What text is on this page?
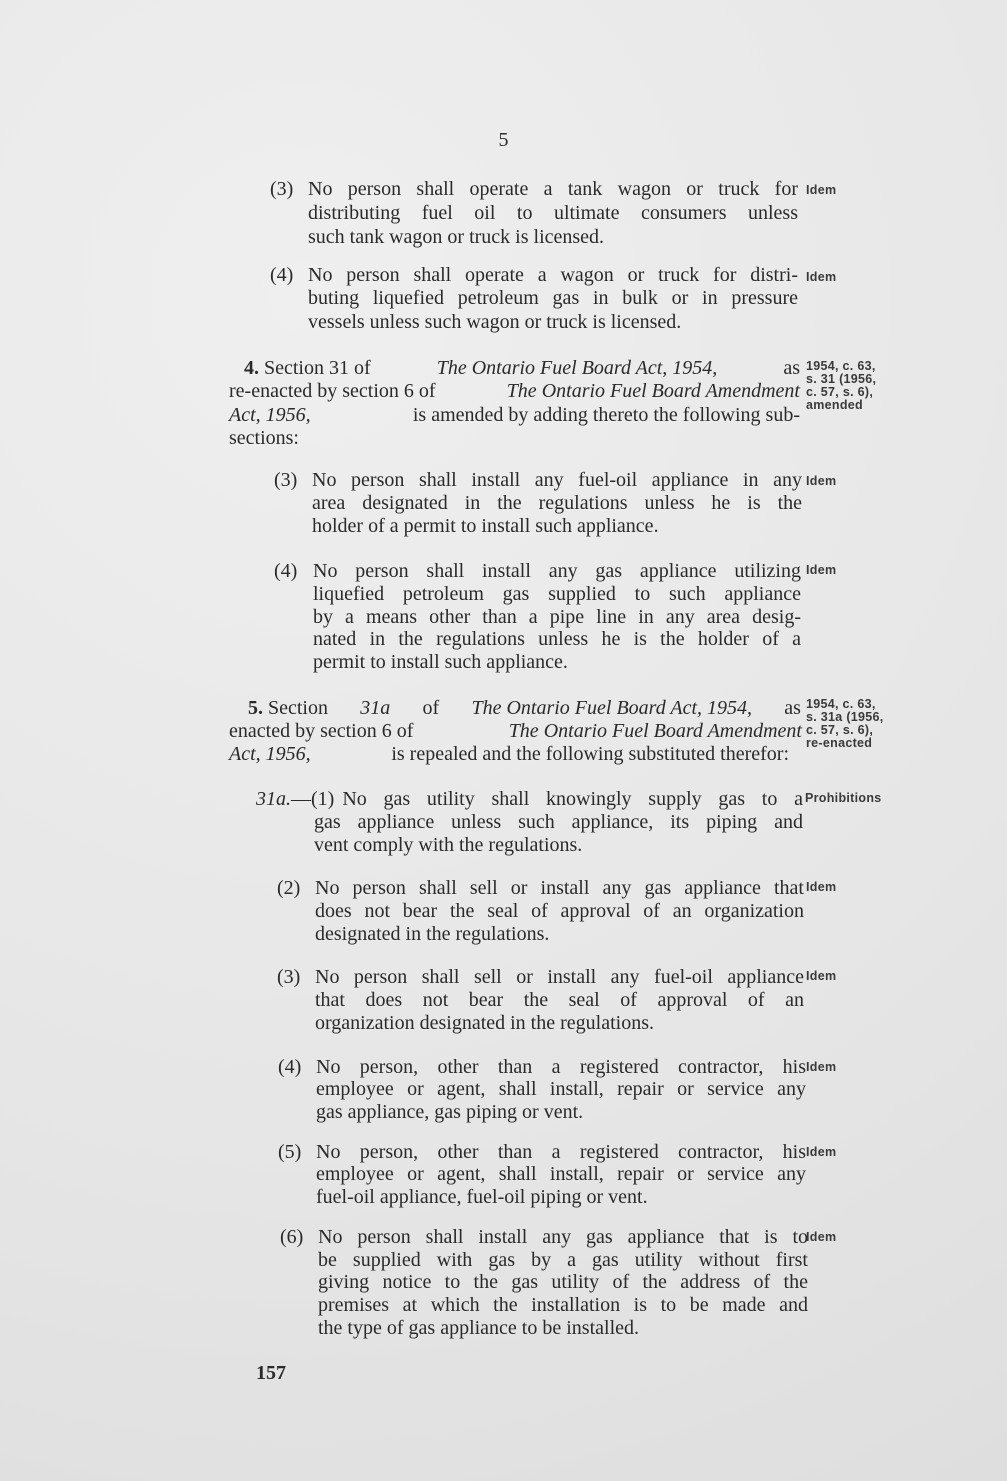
5
(3) No person shall operate a tank wagon or truck for
distributing fuel oil to ultimate consumers unless
such tank wagon or truck is licensed.
Idem
(4) No person shall operate a wagon or truck for distri-
buting liquefied petroleum gas in bulk or in pressure
vessels unless such wagon or truck is licensed.
Idem
4. Section 31 of	The Ontario Fuel Board Act, 1954,	as
re-enacted by section 6 of	The Ontario Fuel Board Amendment
Act, 1956,	is amended by adding thereto the following sub-
sections:
1954, c. 63,
s. 31 (1956,
c. 57, s. 6),
amended
(3) No person shall install any fuel-oil appliance in any
area designated in the regulations unless he is the
holder of a permit to install such appliance.
Idem
(4) No person shall install any gas appliance utilizing
liquefied petroleum gas supplied to such appliance
by a means other than a pipe line in any area desig-
nated in the regulations unless he is the holder of a
permit to install such appliance.
Idem
5. Section 31a of The Ontario Fuel Board Act, 1954, as
enacted by section 6 of	The Ontario Fuel Board Amendment
Act, 1956,	is repealed and the following substituted therefor:
1954, c. 63,
s. 31a (1956,
c. 57, s. 6),
re-enacted
31a.—(1) No gas utility shall knowingly supply gas to a
gas appliance unless such appliance, its piping and
vent comply with the regulations.
Prohibitions
(2) No person shall sell or install any gas appliance that
does not bear the seal of approval of an organization
designated in the regulations.
Idem
(3) No person shall sell or install any fuel-oil appliance
that does not bear the seal of approval of an
organization designated in the regulations.
Idem
(4) No person, other than a registered contractor, his
employee or agent, shall install, repair or service any
gas appliance, gas piping or vent.
Idem
(5) No person, other than a registered contractor, his
employee or agent, shall install, repair or service any
fuel-oil appliance, fuel-oil piping or vent.
Idem
(6) No person shall install any gas appliance that is to
be supplied with gas by a gas utility without first
giving notice to the gas utility of the address of the
premises at which the installation is to be made and
the type of gas appliance to be installed.
Idem
157
